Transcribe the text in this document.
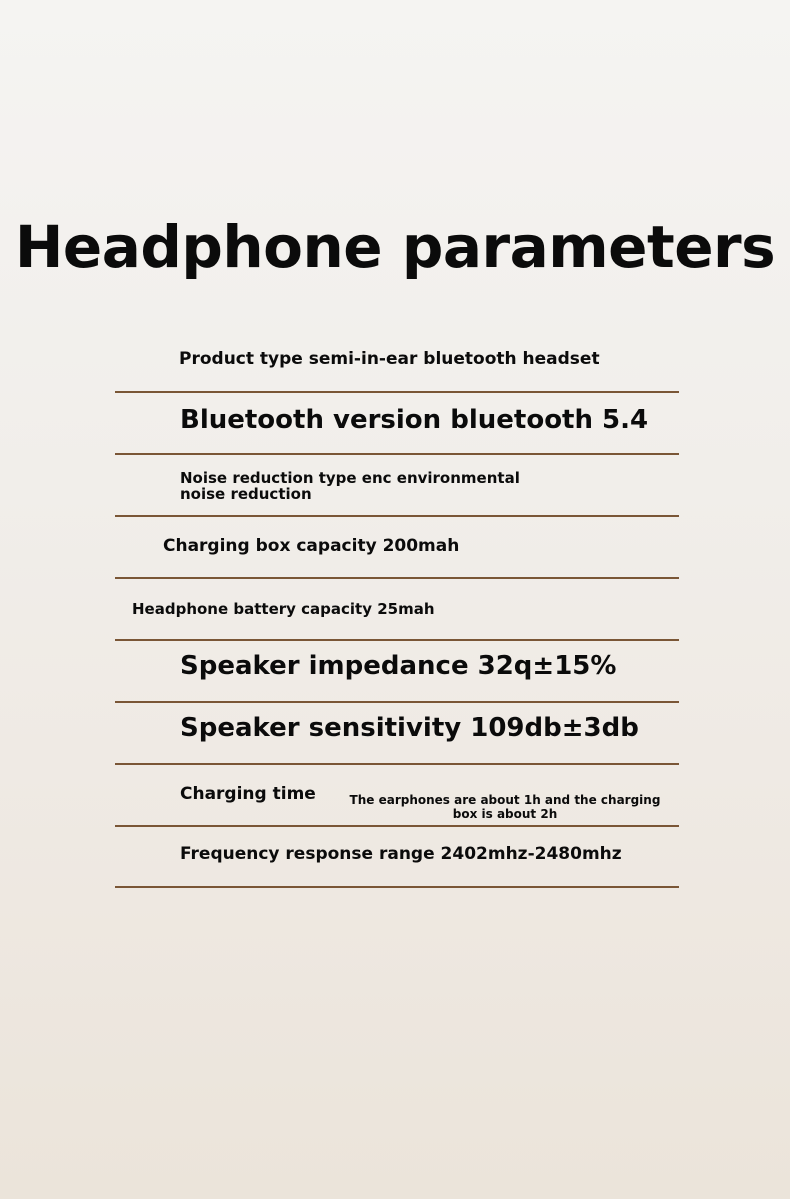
Headphone parameters

Product type semi-in-ear bluetooth headset

Bluetooth version bluetooth 5.4

Noise reduction type enc environmental noise reduction

Charging box capacity 200mah

Headphone battery capacity 25mah

Speaker impedance 32q±15%

Speaker sensitivity 109db±3db

Charging time	The earphones are about 1h and the charging box is about 2h

Frequency response range 2402mhz-2480mhz
